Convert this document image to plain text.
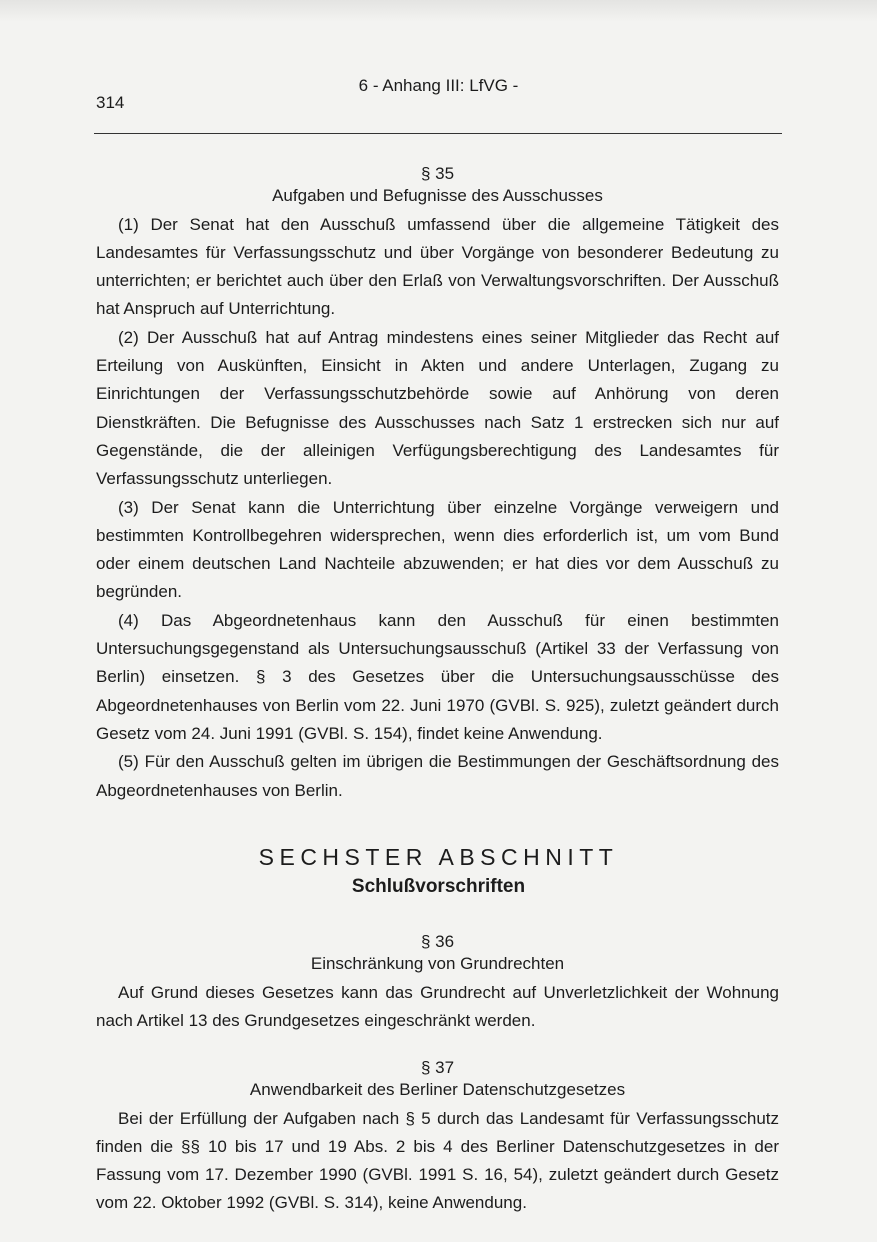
6 - Anhang III: LfVG -
314
§ 35
Aufgaben und Befugnisse des Ausschusses

(1) Der Senat hat den Ausschuß umfassend über die allgemeine Tätigkeit des Landesamtes für Verfassungsschutz und über Vorgänge von besonderer Bedeutung zu unterrichten; er berichtet auch über den Erlaß von Verwaltungsvorschriften. Der Ausschuß hat Anspruch auf Unterrichtung.

(2) Der Ausschuß hat auf Antrag mindestens eines seiner Mitglieder das Recht auf Erteilung von Auskünften, Einsicht in Akten und andere Unterlagen, Zugang zu Einrichtungen der Verfassungsschutzbehörde sowie auf Anhörung von deren Dienstkräften. Die Befugnisse des Ausschusses nach Satz 1 erstrecken sich nur auf Gegenstände, die der alleinigen Verfügungsberechtigung des Landesamtes für Verfassungsschutz unterliegen.

(3) Der Senat kann die Unterrichtung über einzelne Vorgänge verweigern und bestimmten Kontrollbegehren widersprechen, wenn dies erforderlich ist, um vom Bund oder einem deutschen Land Nachteile abzuwenden; er hat dies vor dem Ausschuß zu begründen.

(4) Das Abgeordnetenhaus kann den Ausschuß für einen bestimmten Untersuchungsgegenstand als Untersuchungsausschuß (Artikel 33 der Verfassung von Berlin) einsetzen. § 3 des Gesetzes über die Untersuchungsausschüsse des Abgeordnetenhauses von Berlin vom 22. Juni 1970 (GVBl. S. 925), zuletzt geändert durch Gesetz vom 24. Juni 1991 (GVBl. S. 154), findet keine Anwendung.

(5) Für den Ausschuß gelten im übrigen die Bestimmungen der Geschäftsordnung des Abgeordnetenhauses von Berlin.

SECHSTER ABSCHNITT
Schlußvorschriften
§ 36
Einschränkung von Grundrechten

Auf Grund dieses Gesetzes kann das Grundrecht auf Unverletzlichkeit der Wohnung nach Artikel 13 des Grundgesetzes eingeschränkt werden.

§ 37
Anwendbarkeit des Berliner Datenschutzgesetzes

Bei der Erfüllung der Aufgaben nach § 5 durch das Landesamt für Verfassungsschutz finden die §§ 10 bis 17 und 19 Abs. 2 bis 4 des Berliner Datenschutzgesetzes in der Fassung vom 17. Dezember 1990 (GVBl. 1991 S. 16, 54), zuletzt geändert durch Gesetz vom 22. Oktober 1992 (GVBl. S. 314), keine Anwendung.
